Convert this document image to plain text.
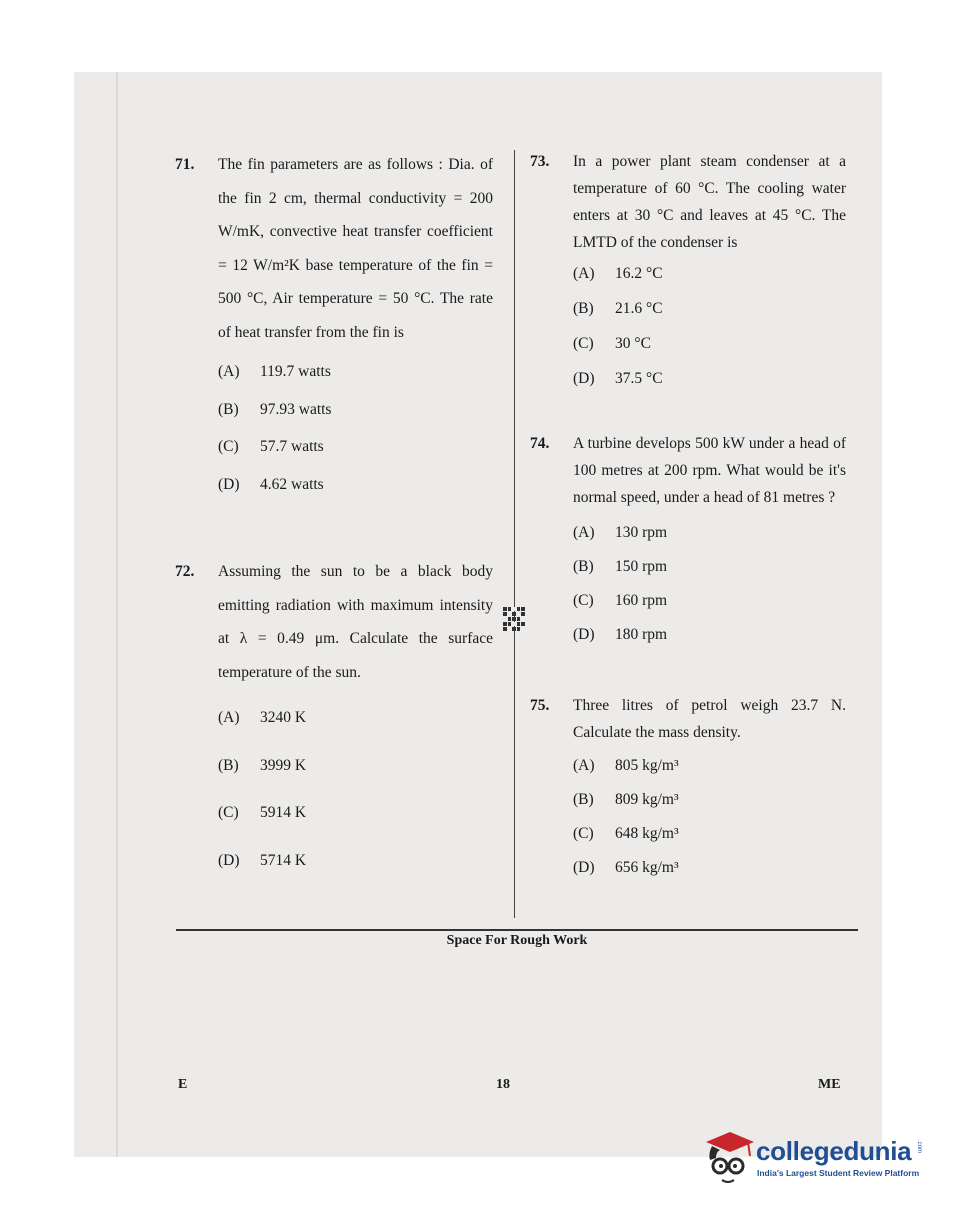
71. The fin parameters are as follows : Dia. of the fin 2 cm, thermal conductivity = 200 W/mK, convective heat transfer coefficient = 12 W/m²K base temperature of the fin = 500 °C, Air temperature = 50 °C. The rate of heat transfer from the fin is
(A)	119.7 watts
(B)	97.93 watts
(C)	57.7 watts
(D)	4.62 watts
72. Assuming the sun to be a black body emitting radiation with maximum intensity at λ = 0.49 μm. Calculate the surface temperature of the sun.
(A)	3240 K
(B)	3999 K
(C)	5914 K
(D)	5714 K
73. In a power plant steam condenser at a temperature of 60 °C. The cooling water enters at 30 °C and leaves at 45 °C. The LMTD of the condenser is
(A)	16.2 °C
(B)	21.6 °C
(C)	30 °C
(D)	37.5 °C
74. A turbine develops 500 kW under a head of 100 metres at 200 rpm. What would be it's normal speed, under a head of 81 metres ?
(A)	130 rpm
(B)	150 rpm
(C)	160 rpm
(D)	180 rpm
75. Three litres of petrol weigh 23.7 N. Calculate the mass density.
(A)	805 kg/m³
(B)	809 kg/m³
(C)	648 kg/m³
(D)	656 kg/m³
Space For Rough Work
E	18	ME
collegedunia .com
India's Largest Student Review Platform
